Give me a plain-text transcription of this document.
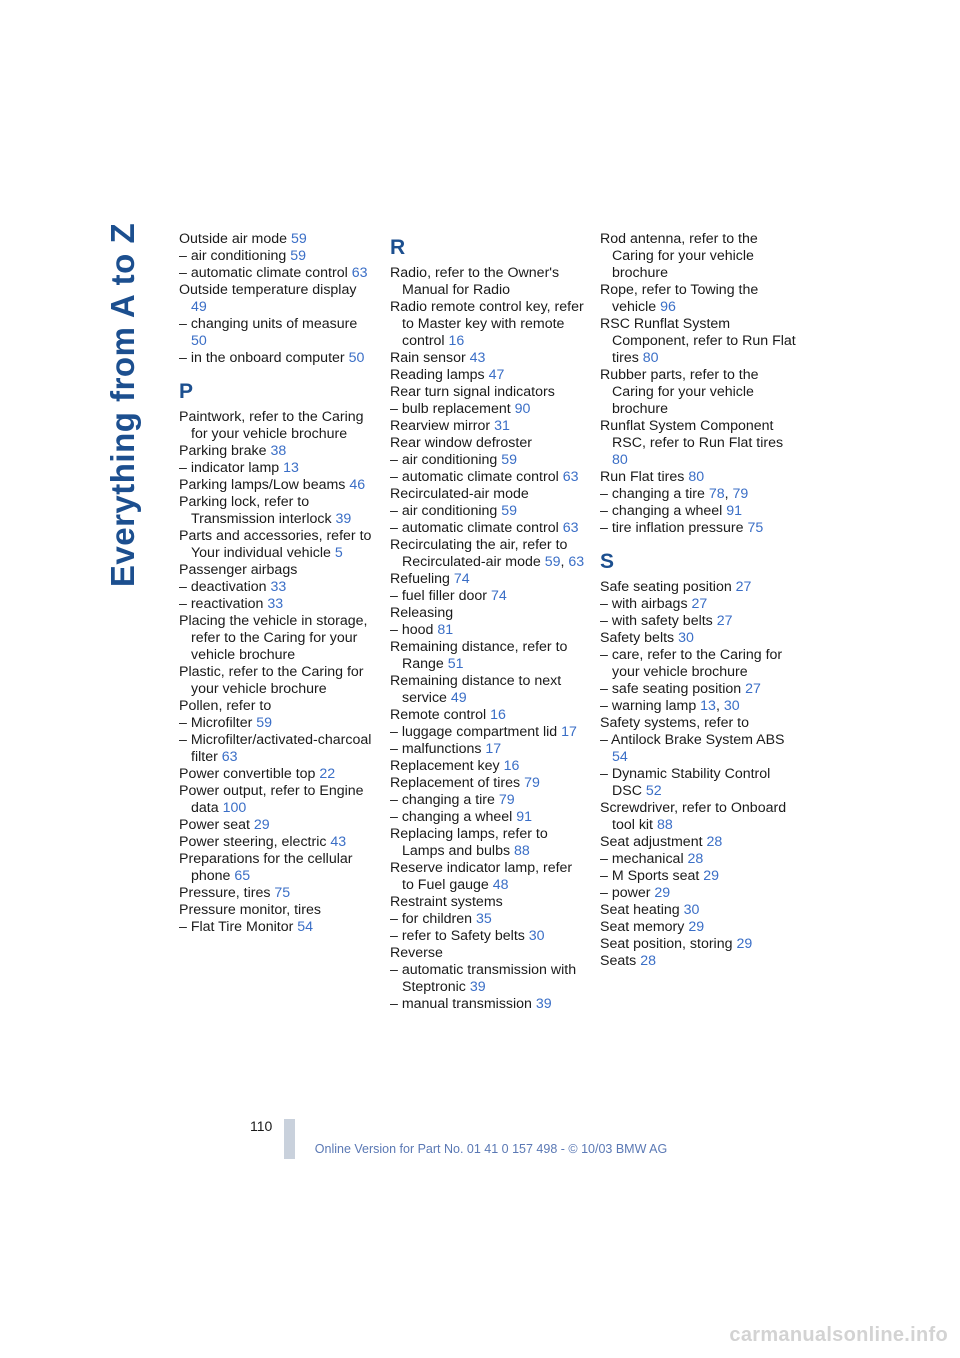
Everything from A to Z	Outside air mode 59
– air conditioning 59
– automatic climate control 63
Outside temperature display 49
– changing units of measure 50
– in the onboard computer 50
P
Paintwork, refer to the Caring for your vehicle brochure
Parking brake 38
– indicator lamp 13
Parking lamps/Low beams 46
Parking lock, refer to Transmission interlock 39
Parts and accessories, refer to Your individual vehicle 5
Passenger airbags
– deactivation 33
– reactivation 33
Placing the vehicle in storage, refer to the Caring for your vehicle brochure
Plastic, refer to the Caring for your vehicle brochure
Pollen, refer to
– Microfilter 59
– Microfilter/activated-charcoal filter 63
Power convertible top 22
Power output, refer to Engine data 100
Power seat 29
Power steering, electric 43
Preparations for the cellular phone 65
Pressure, tires 75
Pressure monitor, tires
– Flat Tire Monitor 54
R
Radio, refer to the Owner's Manual for Radio
Radio remote control key, refer to Master key with remote control 16
Rain sensor 43
Reading lamps 47
Rear turn signal indicators
– bulb replacement 90
Rearview mirror 31
Rear window defroster
– air conditioning 59
– automatic climate control 63
Recirculated-air mode
– air conditioning 59
– automatic climate control 63
Recirculating the air, refer to Recirculated-air mode 59, 63
Refueling 74
– fuel filler door 74
Releasing
– hood 81
Remaining distance, refer to Range 51
Remaining distance to next service 49
Remote control 16
– luggage compartment lid 17
– malfunctions 17
Replacement key 16
Replacement of tires 79
– changing a tire 79
– changing a wheel 91
Replacing lamps, refer to Lamps and bulbs 88
Reserve indicator lamp, refer to Fuel gauge 48
Restraint systems
– for children 35
– refer to Safety belts 30
Reverse
– automatic transmission with Steptronic 39
– manual transmission 39
Rod antenna, refer to the Caring for your vehicle brochure
Rope, refer to Towing the vehicle 96
RSC Runflat System Component, refer to Run Flat tires 80
Rubber parts, refer to the Caring for your vehicle brochure
Runflat System Component RSC, refer to Run Flat tires 80
Run Flat tires 80
– changing a tire 78, 79
– changing a wheel 91
– tire inflation pressure 75
S
Safe seating position 27
– with airbags 27
– with safety belts 27
Safety belts 30
– care, refer to the Caring for your vehicle brochure
– safe seating position 27
– warning lamp 13, 30
Safety systems, refer to
– Antilock Brake System ABS 54
– Dynamic Stability Control DSC 52
Screwdriver, refer to Onboard tool kit 88
Seat adjustment 28
– mechanical 28
– M Sports seat 29
– power 29
Seat heating 30
Seat memory 29
Seat position, storing 29
Seats 28
110
Online Version for Part No. 01 41 0 157 498 - © 10/03 BMW AG
carmanualsonline.info
